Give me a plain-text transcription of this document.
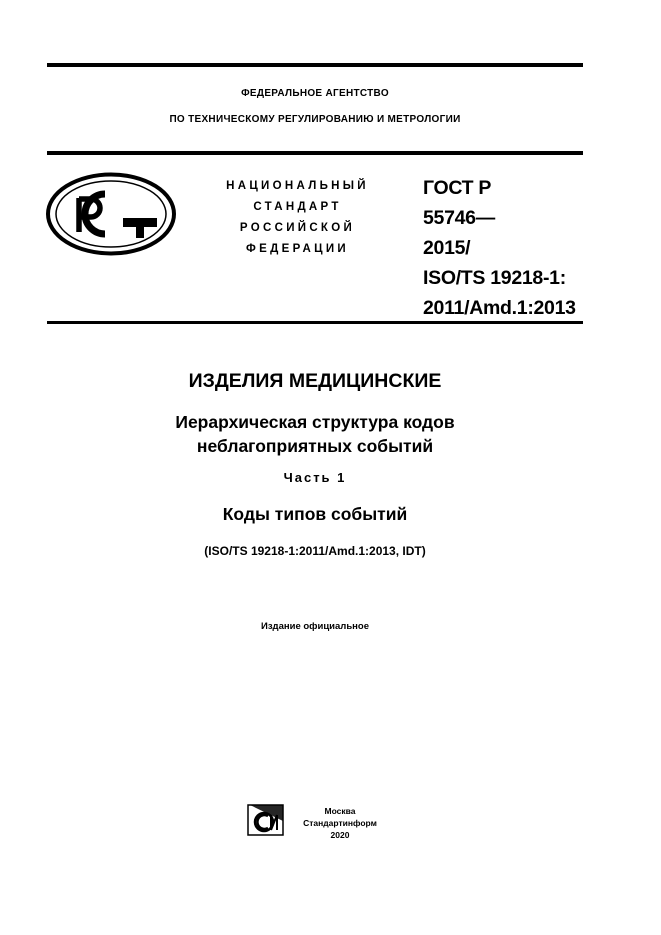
ФЕДЕРАЛЬНОЕ АГЕНТСТВО
ПО ТЕХНИЧЕСКОМУ РЕГУЛИРОВАНИЮ И МЕТРОЛОГИИ
НАЦИОНАЛЬНЫЙ
СТАНДАРТ
РОССИЙСКОЙ
ФЕДЕРАЦИИ
ГОСТ Р
55746—
2015/
ISO/TS 19218-1:
2011/Amd.1:2013
ИЗДЕЛИЯ МЕДИЦИНСКИЕ
Иерархическая структура кодов
неблагоприятных событий
Часть 1
Коды типов событий
(ISO/TS 19218-1:2011/Amd.1:2013, IDT)
Издание официальное
Москва
Стандартинформ
2020
